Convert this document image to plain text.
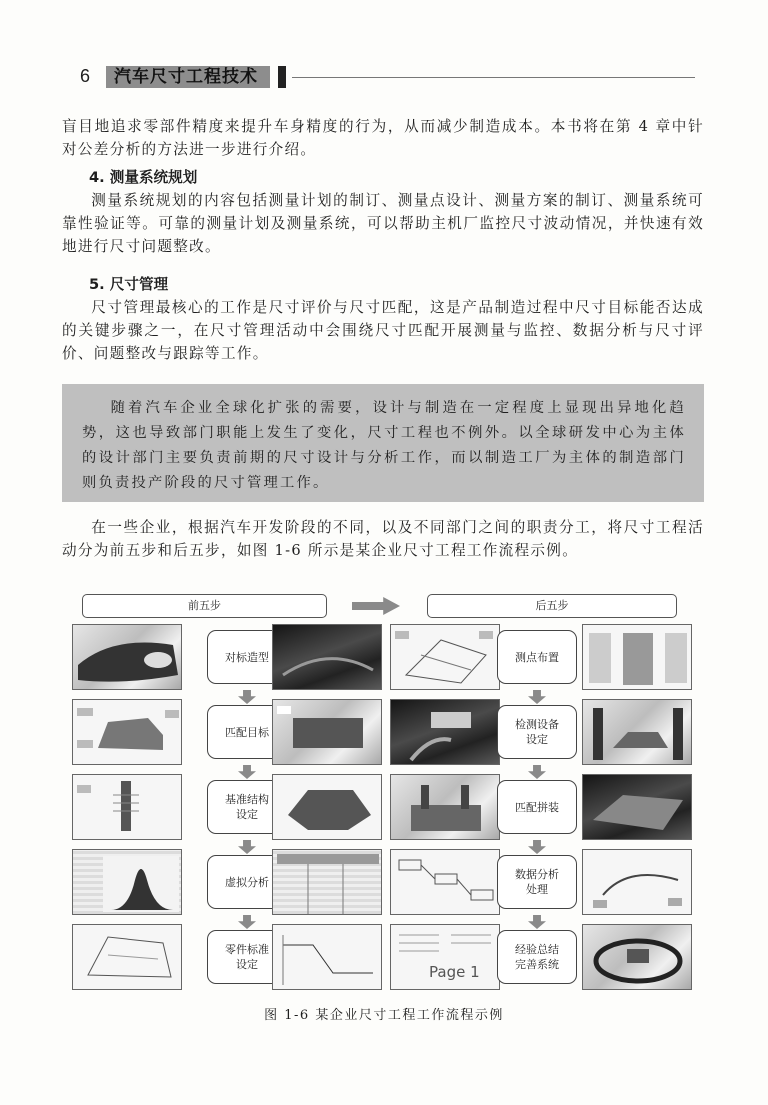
6	汽车尺寸工程技术

盲目地追求零部件精度来提升车身精度的行为，从而减少制造成本。本书将在第 4 章中针对公差分析的方法进一步进行介绍。

4. 测量系统规划

测量系统规划的内容包括测量计划的制订、测量点设计、测量方案的制订、测量系统可靠性验证等。可靠的测量计划及测量系统，可以帮助主机厂监控尺寸波动情况，并快速有效地进行尺寸问题整改。

5. 尺寸管理

尺寸管理最核心的工作是尺寸评价与尺寸匹配，这是产品制造过程中尺寸目标能否达成的关键步骤之一，在尺寸管理活动中会围绕尺寸匹配开展测量与监控、数据分析与尺寸评价、问题整改与跟踪等工作。

随着汽车企业全球化扩张的需要，设计与制造在一定程度上显现出异地化趋势，这也导致部门职能上发生了变化，尺寸工程也不例外。以全球研发中心为主体的设计部门主要负责前期的尺寸设计与分析工作，而以制造工厂为主体的制造部门则负责投产阶段的尺寸管理工作。

在一些企业，根据汽车开发阶段的不同，以及不同部门之间的职责分工，将尺寸工程活动分为前五步和后五步，如图 1-6 所示是某企业尺寸工程工作流程示例。

前五步	后五步
对标造型	测点布置
匹配目标
检测设备
设定
基准结构
设定
匹配拼装
虚拟分析
数据分析
处理
零件标准
设定	Page 1
经验总结
完善系统
图 1-6 某企业尺寸工程工作流程示例
